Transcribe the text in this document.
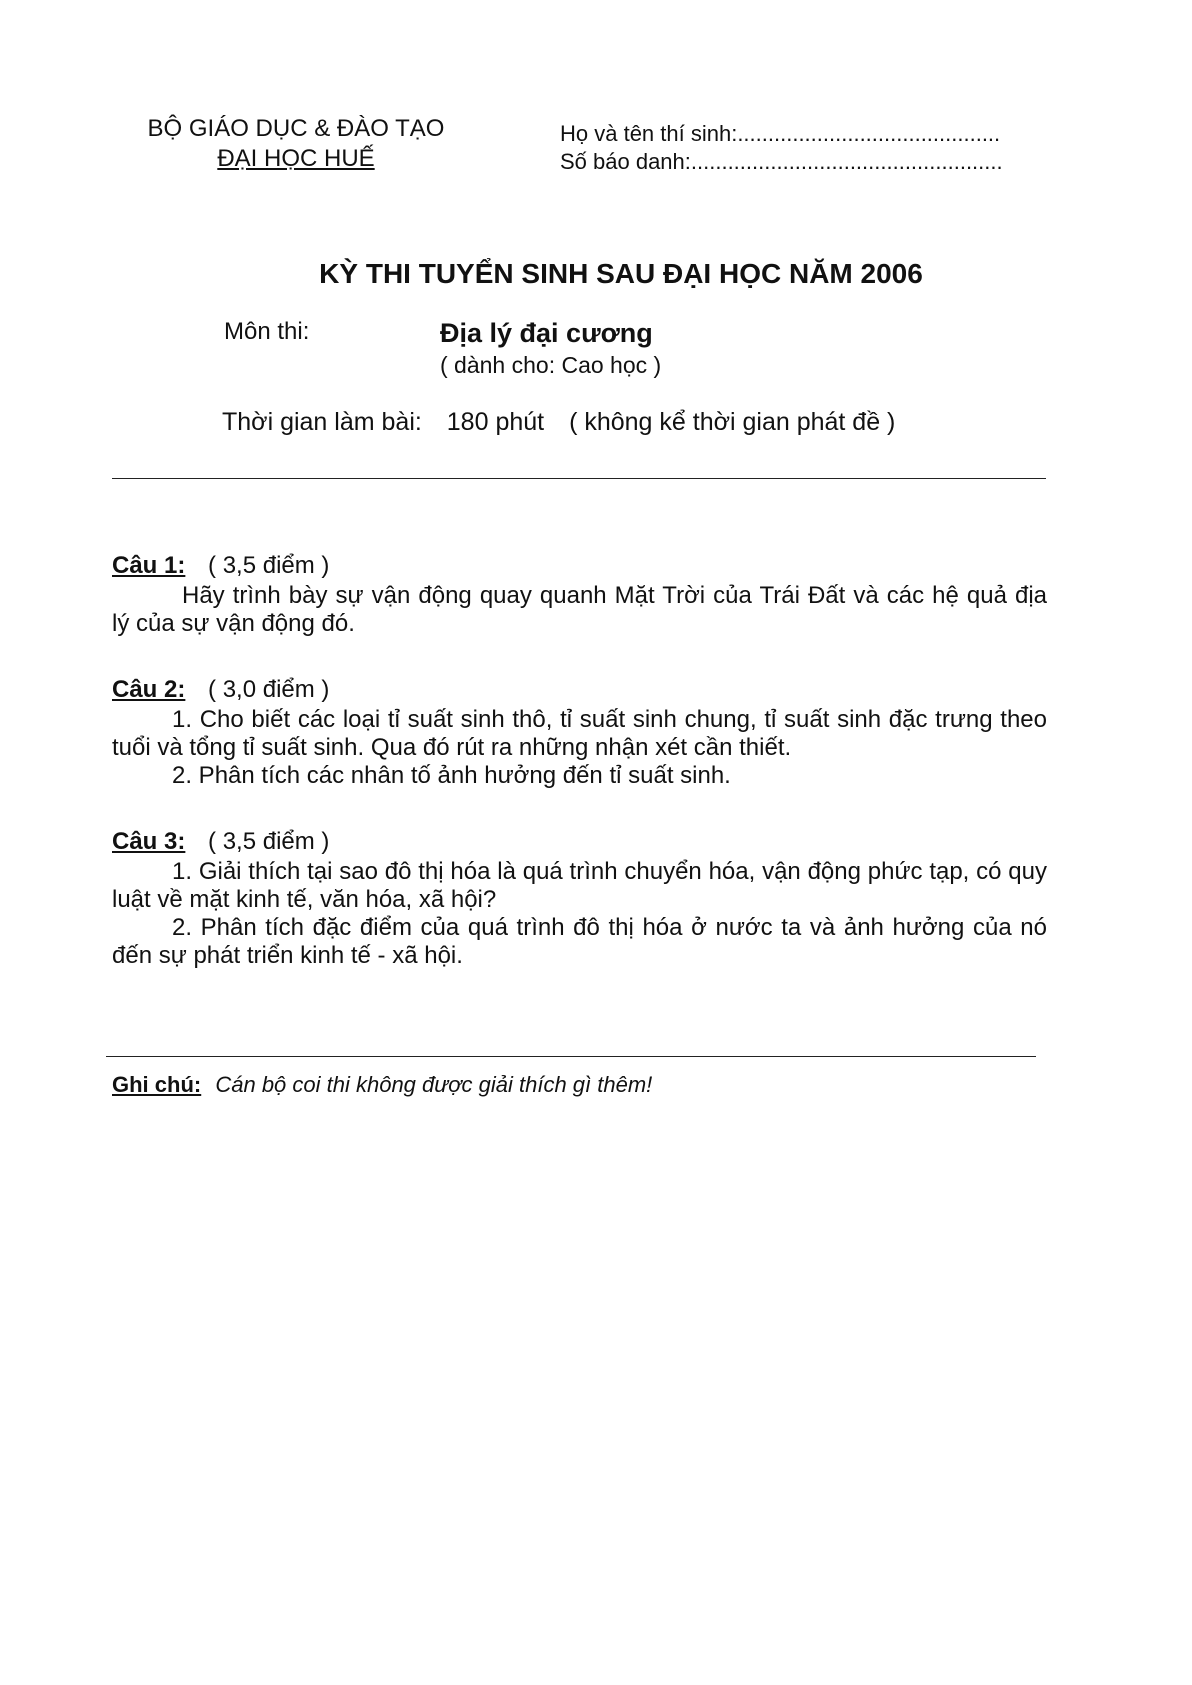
BỘ GIÁO DỤC & ĐÀO TẠO
ĐẠI HỌC HUẾ
Họ và tên thí sinh:...........................................
Số báo danh:...................................................
KỲ THI TUYỂN SINH SAU ĐẠI HỌC NĂM 2006
Môn thi:	Địa lý đại cương
( dành cho: Cao học )
Thời gian làm bài: 180 phút ( không kể thời gian phát đề )
Câu 1: ( 3,5 điểm )

Hãy trình bày sự vận động quay quanh Mặt Trời của Trái Đất và các hệ quả địa lý của sự vận động đó.

Câu 2: ( 3,0 điểm )

1. Cho biết các loại tỉ suất sinh thô, tỉ suất sinh chung, tỉ suất sinh đặc trưng theo tuổi và tổng tỉ suất sinh. Qua đó rút ra những nhận xét cần thiết.

2. Phân tích các nhân tố ảnh hưởng đến tỉ suất sinh.

Câu 3: ( 3,5 điểm )

1. Giải thích tại sao đô thị hóa là quá trình chuyển hóa, vận động phức tạp, có quy luật về mặt kinh tế, văn hóa, xã hội?

2. Phân tích đặc điểm của quá trình đô thị hóa ở nước ta và ảnh hưởng của nó đến sự phát triển kinh tế - xã hội.

Ghi chú: Cán bộ coi thi không được giải thích gì thêm!
